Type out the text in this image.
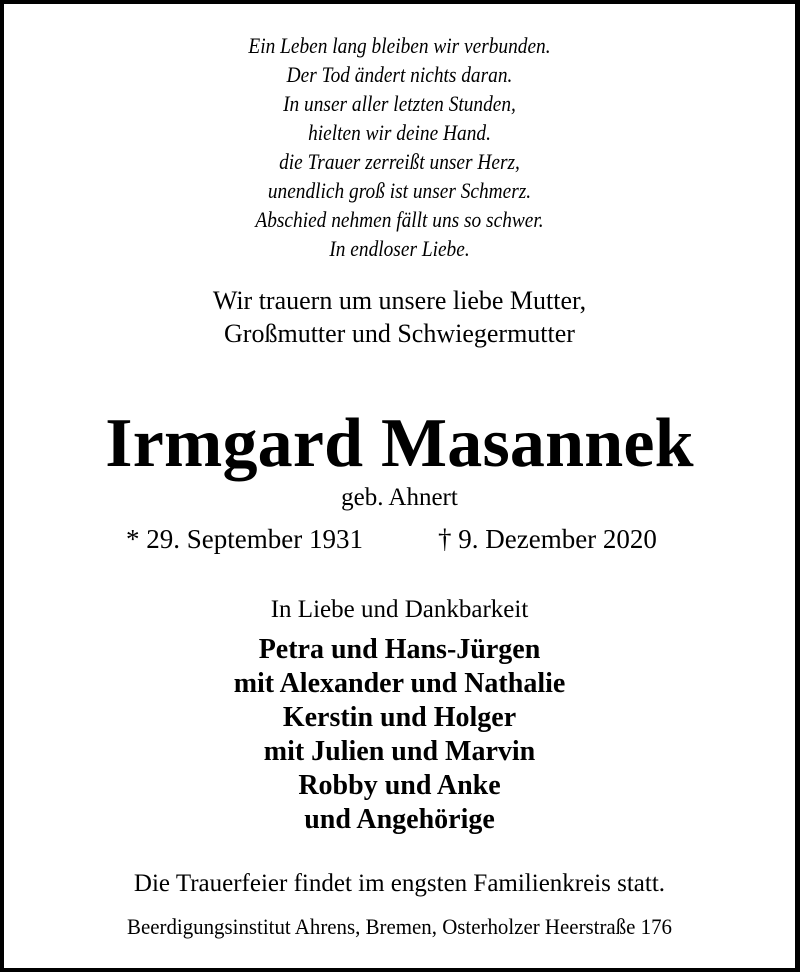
Ein Leben lang bleiben wir verbunden.
Der Tod ändert nichts daran.
In unser aller letzten Stunden,
hielten wir deine Hand.
die Trauer zerreißt unser Herz,
unendlich groß ist unser Schmerz.
Abschied nehmen fällt uns so schwer.
In endloser Liebe.
Wir trauern um unsere liebe Mutter,
Großmutter und Schwiegermutter
Irmgard Masannek
geb. Ahnert
* 29. September 1931	† 9. Dezember 2020
In Liebe und Dankbarkeit
Petra und Hans-Jürgen
mit Alexander und Nathalie
Kerstin und Holger
mit Julien und Marvin
Robby und Anke
und Angehörige
Die Trauerfeier findet im engsten Familienkreis statt.
Beerdigungsinstitut Ahrens, Bremen, Osterholzer Heerstraße 176
